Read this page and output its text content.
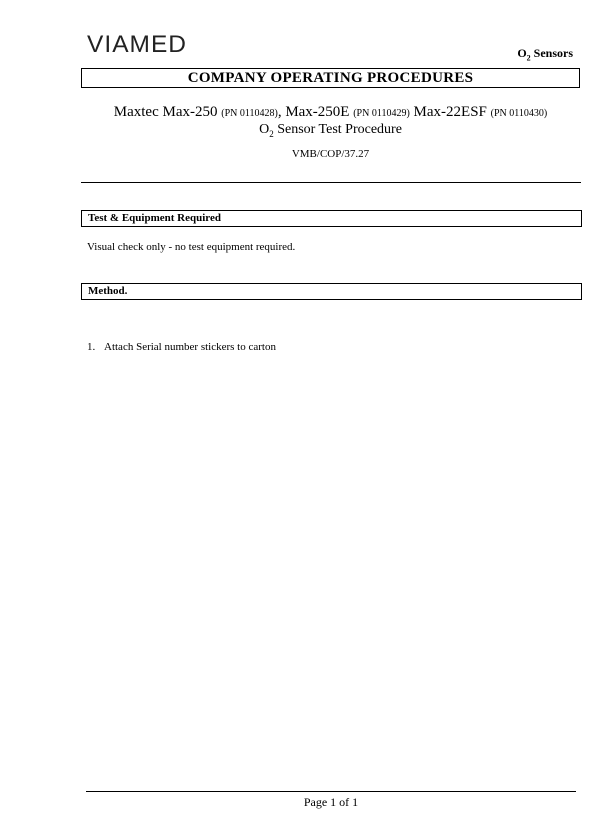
VIAMED	$O_2$ Sensors
COMPANY OPERATING PROCEDURES
Maxtec Max-250 (PN 0110428), Max-250E (PN 0110429) Max-22ESF (PN 0110430)
$O_2$ Sensor Test Procedure
VMB/COP/37.27
Test & Equipment Required
Visual check only - no test equipment required.
Method.
1. Attach Serial number stickers to carton
Page 1 of 1
